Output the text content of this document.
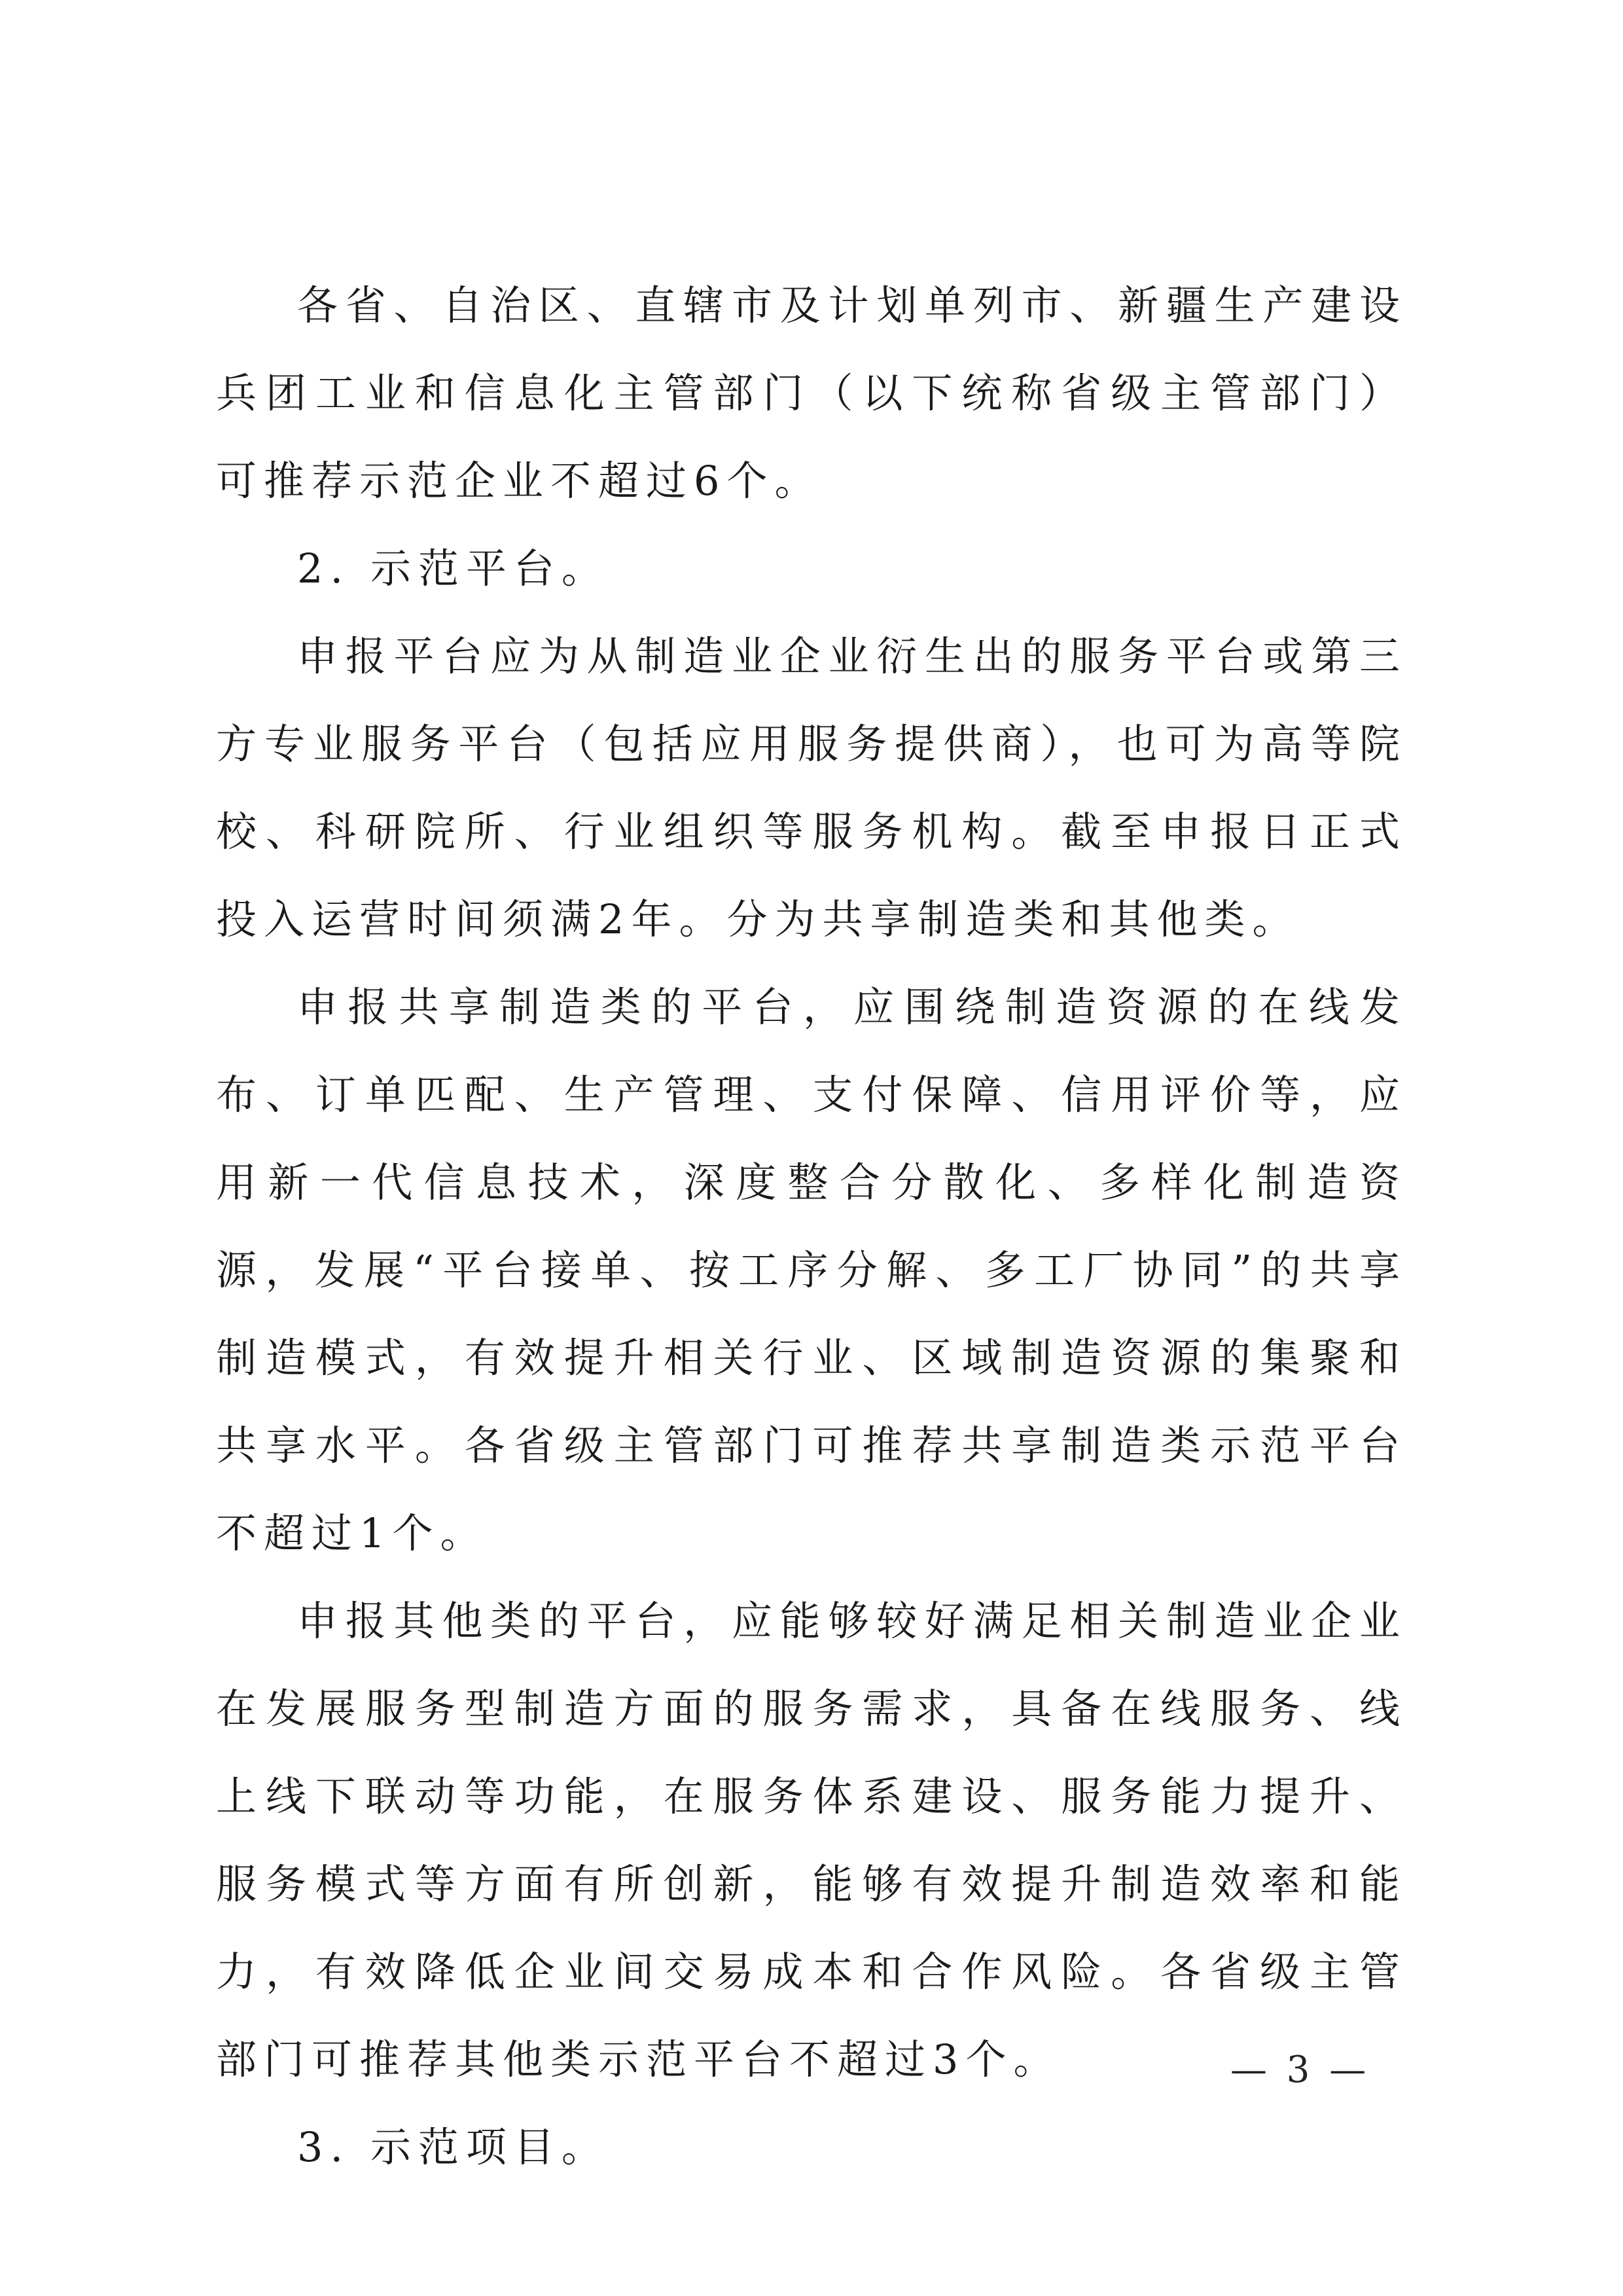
各省、自治区、直辖市及计划单列市、新疆生产建设兵团工业和信息化主管部门（以下统称省级主管部门）可推荐示范企业不超过6个。

2. 示范平台。

申报平台应为从制造业企业衍生出的服务平台或第三方专业服务平台（包括应用服务提供商），也可为高等院校、科研院所、行业组织等服务机构。截至申报日正式投入运营时间须满2年。分为共享制造类和其他类。

申报共享制造类的平台，应围绕制造资源的在线发布、订单匹配、生产管理、支付保障、信用评价等，应用新一代信息技术，深度整合分散化、多样化制造资源，发展“平台接单、按工序分解、多工厂协同”的共享制造模式，有效提升相关行业、区域制造资源的集聚和共享水平。各省级主管部门可推荐共享制造类示范平台不超过1个。

申报其他类的平台，应能够较好满足相关制造业企业在发展服务型制造方面的服务需求，具备在线服务、线上线下联动等功能，在服务体系建设、服务能力提升、服务模式等方面有所创新，能够有效提升制造效率和能力，有效降低企业间交易成本和合作风险。各省级主管部门可推荐其他类示范平台不超过3个。

3. 示范项目。

— 3 —
